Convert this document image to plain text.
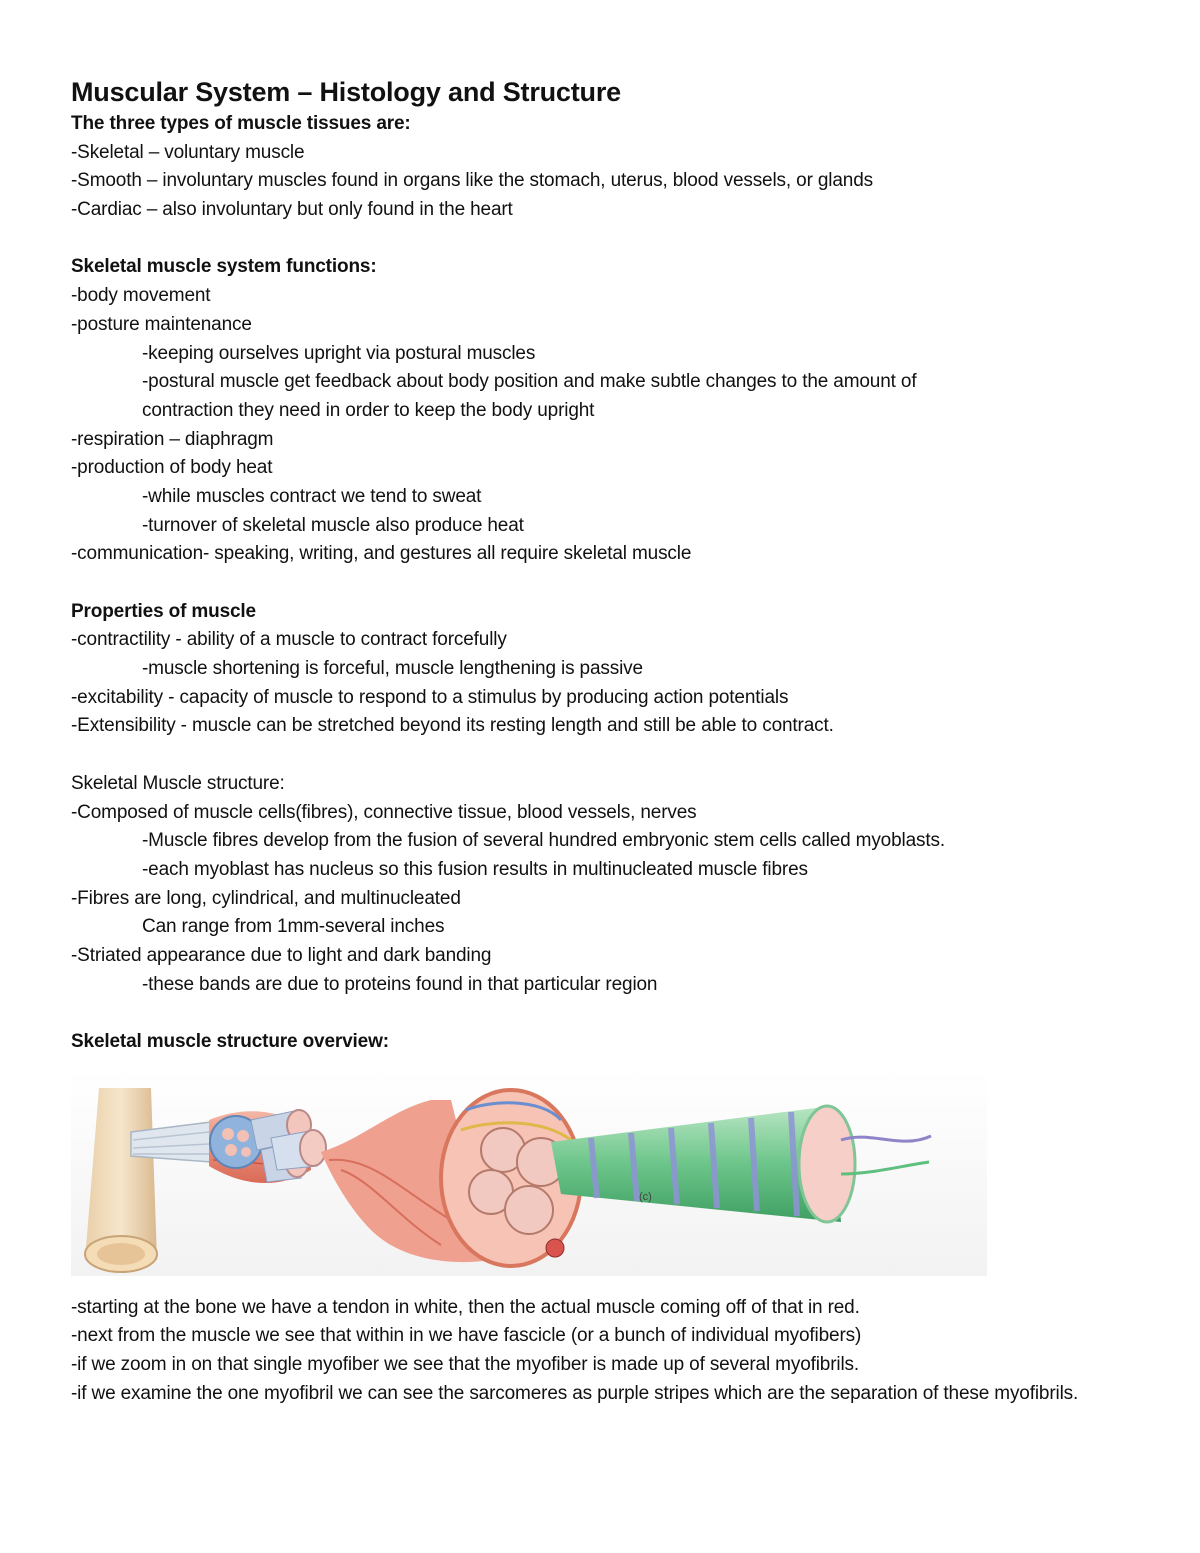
Muscular System – Histology and Structure
The three types of muscle tissues are:
-Skeletal – voluntary muscle
-Smooth – involuntary muscles found in organs like the stomach, uterus, blood vessels, or glands
-Cardiac – also involuntary but only found in the heart
Skeletal muscle system functions:
-body movement
-posture maintenance
-keeping ourselves upright via postural muscles
-postural muscle get feedback about body position and make subtle changes to the amount of
contraction they need in order to keep the body upright
-respiration – diaphragm
-production of body heat
-while muscles contract we tend to sweat
-turnover of skeletal muscle also produce heat
-communication- speaking, writing, and gestures all require skeletal muscle
Properties of muscle
-contractility - ability of a muscle to contract forcefully
-muscle shortening is forceful, muscle lengthening is passive
-excitability - capacity of muscle to respond to a stimulus by producing action potentials
-Extensibility - muscle can be stretched beyond its resting length and still be able to contract.
Skeletal Muscle structure:
-Composed of muscle cells(fibres), connective tissue, blood vessels, nerves
-Muscle fibres develop from the fusion of several hundred embryonic stem cells called myoblasts.
-each myoblast has nucleus so this fusion results in multinucleated muscle fibres
-Fibres are long, cylindrical, and multinucleated
Can range from 1mm-several inches
-Striated appearance due to light and dark banding
-these bands are due to proteins found in that particular region
Skeletal muscle structure overview:
(c)
-starting at the bone we have a tendon in white, then the actual muscle coming off of that in red.
-next from the muscle we see that within in we have fascicle (or a bunch of individual myofibers)
-if we zoom in on that single myofiber we see that the myofiber is made up of several myofibrils.
-if we examine the one myofibril we can see the sarcomeres as purple stripes which are the separation of these myofibrils.
